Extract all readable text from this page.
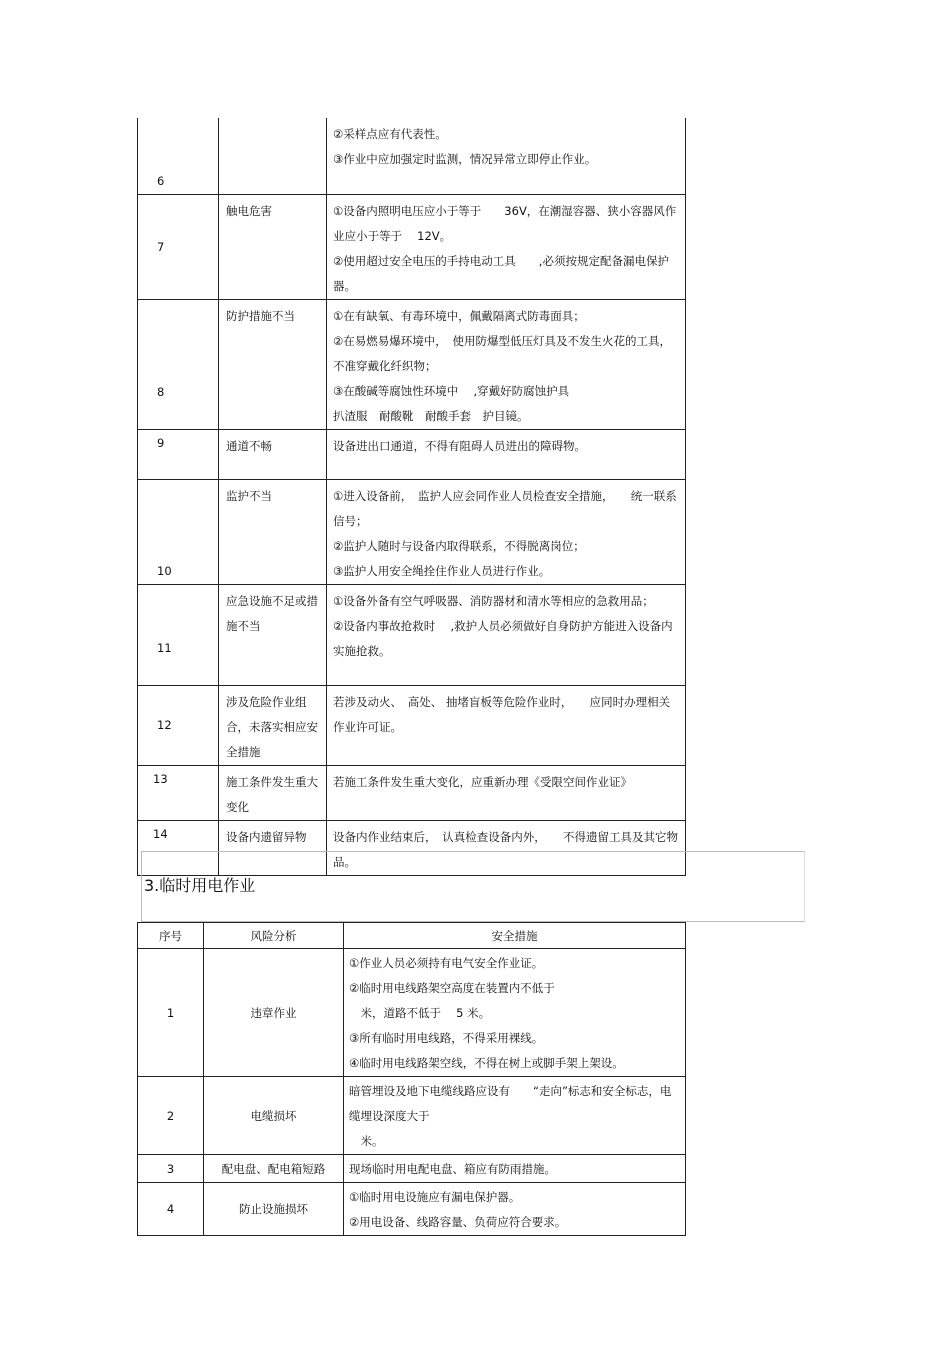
6		②采样点应有代表性。

③作业中应加强定时监测，情况异常立即停止作业。

7	触电危害	①设备内照明电压应小于等于　　36V，在潮湿容器、狭小容器风作业应小于等于　 12V。

②使用超过安全电压的手持电动工具　　,必须按规定配备漏电保护器。

8	防护措施不当	①在有缺氧、有毒环境中，佩戴隔离式防毒面具；

②在易燃易爆环境中，　使用防爆型低压灯具及不发生火花的工具，不准穿戴化纤织物；

③在酸碱等腐蚀性环境中　 ,穿戴好防腐蚀护具

扒渣服　耐酸靴　耐酸手套　护目镜。

9	通道不畅	设备进出口通道，不得有阻碍人员进出的障碍物。

10	监护不当	①进入设备前，　监护人应会同作业人员检查安全措施，　　统一联系信号；

②监护人随时与设备内取得联系，不得脱离岗位；

③监护人用安全绳拴住作业人员进行作业。

11	应急设施不足或措施不当	①设备外备有空气呼吸器、消防器材和清水等相应的急救用品；

②设备内事故抢救时　 ,救护人员必须做好自身防护方能进入设备内实施抢救。

12	涉及危险作业组合，未落实相应安全措施	若涉及动火、　高处、 抽堵盲板等危险作业时，　　应同时办理相关作业许可证。

13	施工条件发生重大变化	若施工条件发生重大变化，应重新办理《受限空间作业证》

14	设备内遗留异物	设备内作业结束后，　认真检查设备内外，　　不得遗留工具及其它物品。

3.临时用电作业
序号	风险分析	安全措施
1	违章作业	①作业人员必须持有电气安全作业证。

②临时用电线路架空高度在装置内不低于

　米，道路不低于　 5 米。

③所有临时用电线路，不得采用裸线。

④临时用电线路架空线，不得在树上或脚手架上架设。

2	电缆损坏	暗管埋设及地下电缆线路应设有　　“走向”标志和安全标志，电缆埋设深度大于

　米。

3	配电盘、配电箱短路	现场临时用电配电盘、箱应有防雨措施。

4	防止设施损坏	①临时用电设施应有漏电保护器。

②用电设备、线路容量、负荷应符合要求。
